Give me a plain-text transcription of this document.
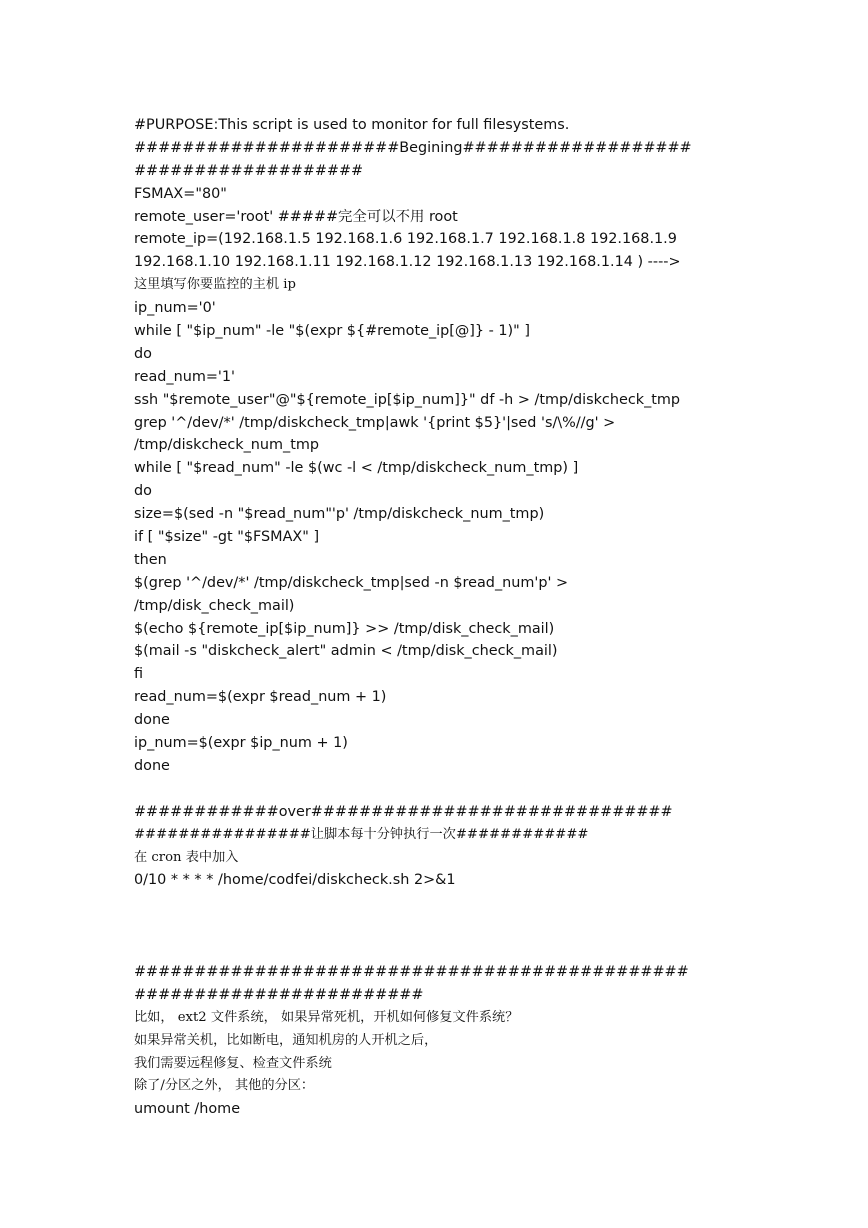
#PURPOSE:This script is used to monitor for full filesystems.
######################Begining###################
###################
FSMAX="80"
remote_user='root' #####完全可以不用 root
remote_ip=(192.168.1.5 192.168.1.6 192.168.1.7 192.168.1.8 192.168.1.9
192.168.1.10 192.168.1.11 192.168.1.12 192.168.1.13 192.168.1.14 ) ---->
这里填写你要监控的主机 ip
ip_num='0'
while [ "$ip_num" -le "$(expr ${#remote_ip[@]} - 1)" ]
do
read_num='1'
ssh "$remote_user"@"${remote_ip[$ip_num]}" df -h > /tmp/diskcheck_tmp
grep '^/dev/*' /tmp/diskcheck_tmp|awk '{print $5}'|sed 's/\%//g' >
/tmp/diskcheck_num_tmp
while [ "$read_num" -le $(wc -l < /tmp/diskcheck_num_tmp) ]
do
size=$(sed -n "$read_num"'p' /tmp/diskcheck_num_tmp)
if [ "$size" -gt "$FSMAX" ]
then
$(grep '^/dev/*' /tmp/diskcheck_tmp|sed -n $read_num'p' >
/tmp/disk_check_mail)
$(echo ${remote_ip[$ip_num]} >> /tmp/disk_check_mail)
$(mail -s "diskcheck_alert" admin < /tmp/disk_check_mail)
fi
read_num=$(expr $read_num + 1)
done
ip_num=$(expr $ip_num + 1)
done
############over##############################
################让脚本每十分钟执行一次############
在 cron 表中加入
0/10 * * * * /home/codfei/diskcheck.sh 2>&1
##############################################
########################
比如， ext2 文件系统， 如果异常死机，开机如何修复文件系统？
如果异常关机，比如断电，通知机房的人开机之后，
我们需要远程修复、检查文件系统
除了/分区之外， 其他的分区：
umount /home
